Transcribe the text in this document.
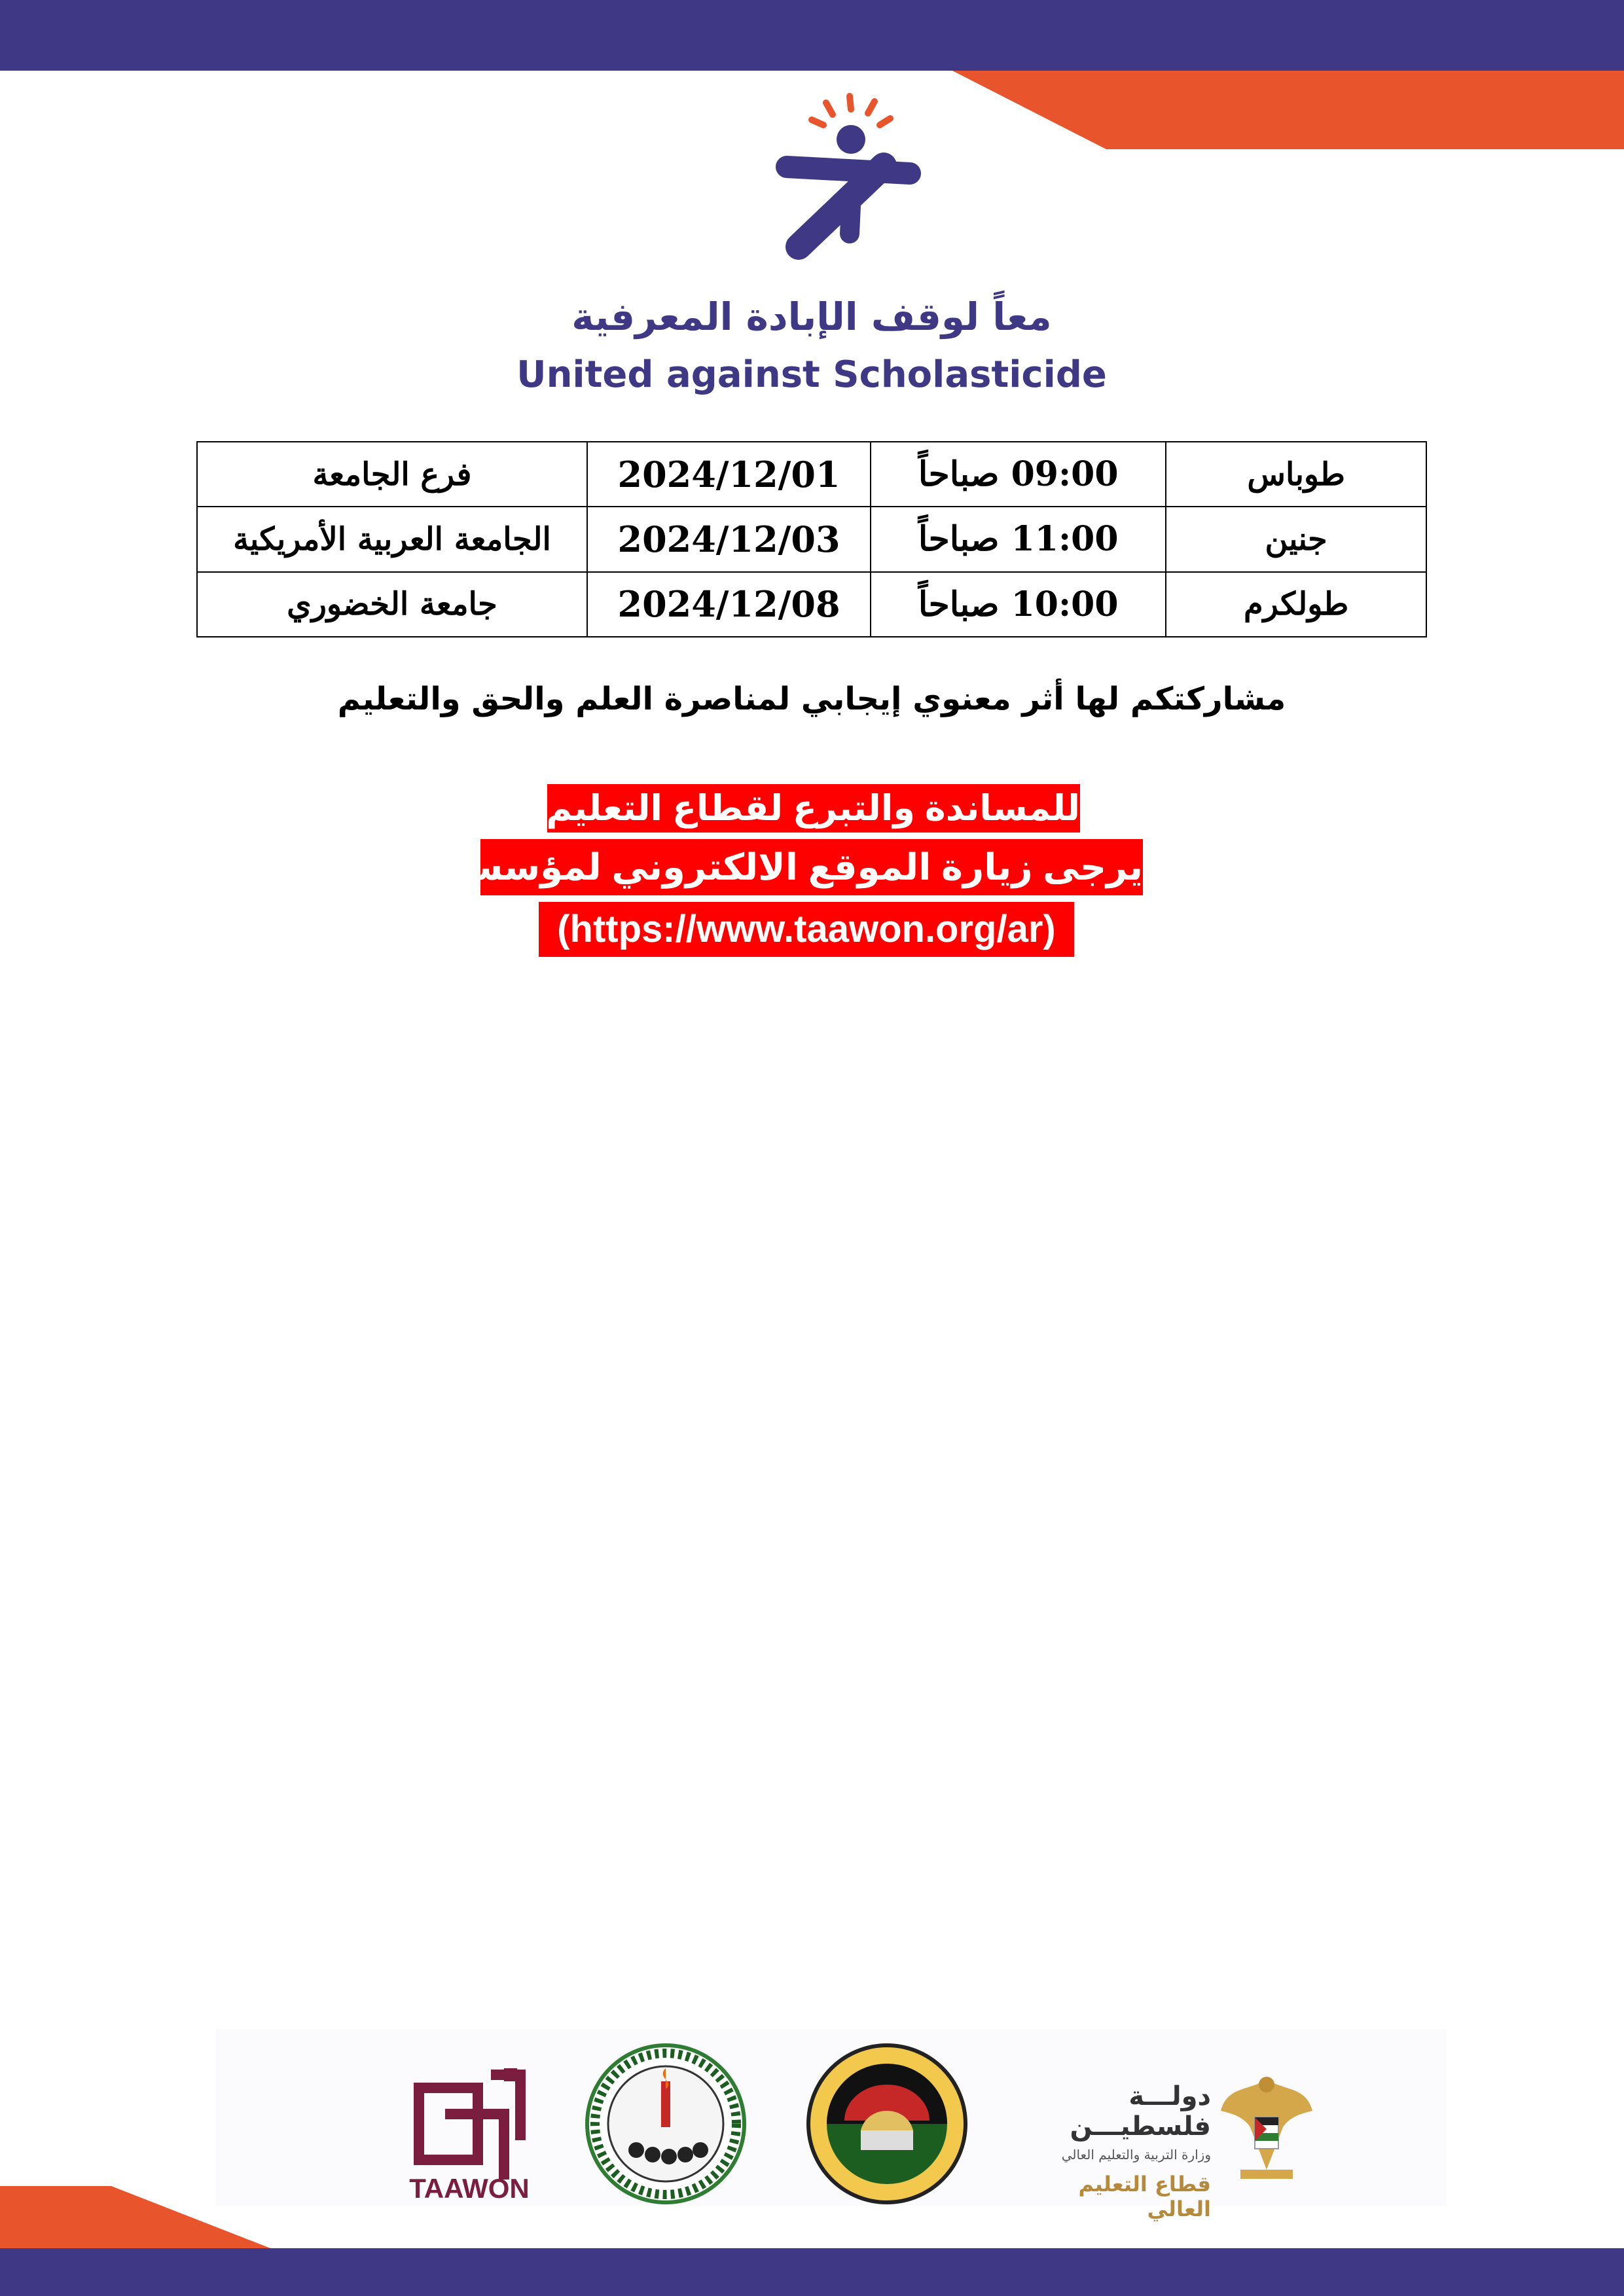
معاً لوقف الإبادة المعرفية
United against Scholasticide
فرع الجامعة	2024/12/01	09:00 صباحاً	طوباس
الجامعة العربية الأمريكية	2024/12/03	11:00 صباحاً	جنين
جامعة الخضوري	2024/12/08	10:00 صباحاً	طولكرم
مشاركتكم لها أثر معنوي إيجابي لمناصرة العلم والحق والتعليم
للمساندة والتبرع لقطاع التعليم في غزة
يرجى زيارة الموقع الالكتروني لمؤسسة التعاون
(https://www.taawon.org/ar)
TAAWON
دولـــة فلسطيـــن
وزارة التربية والتعليم العالي
قطاع التعليم العالي
